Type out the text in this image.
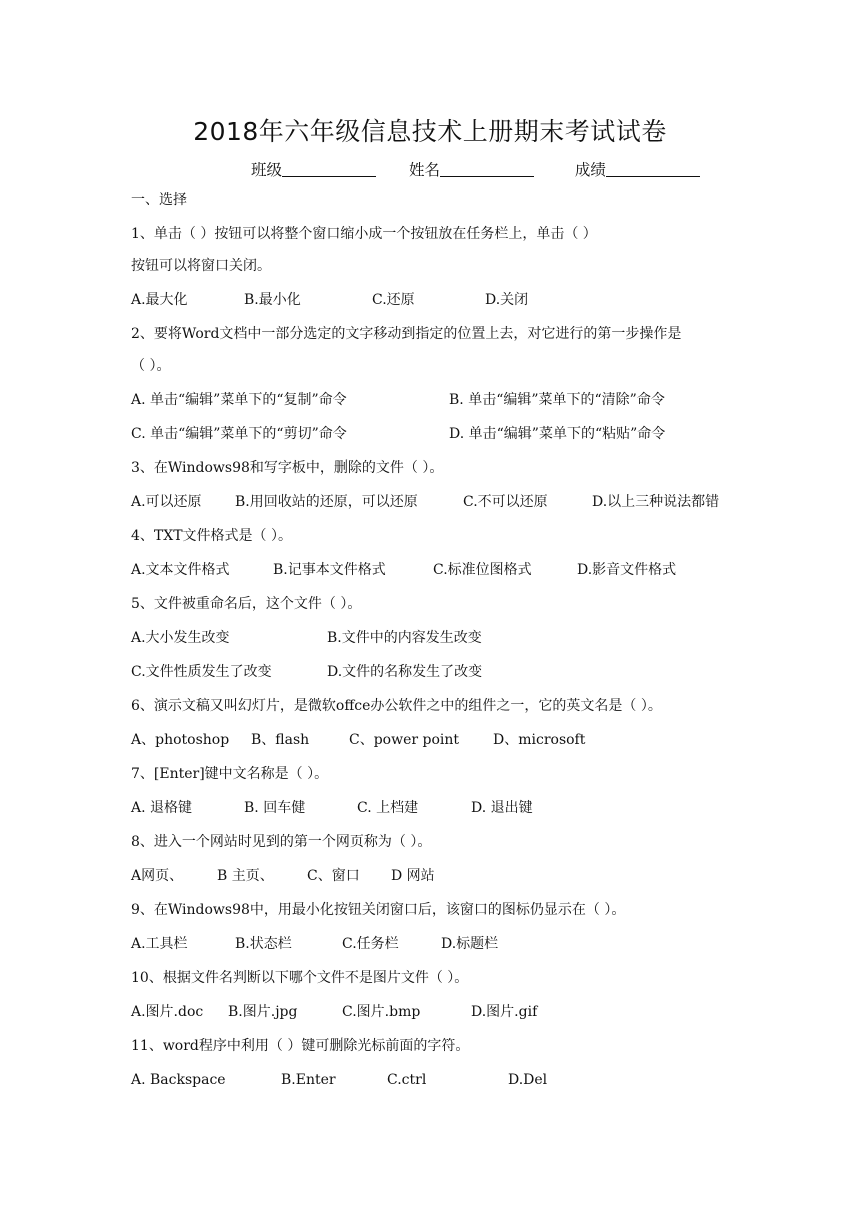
2018年六年级信息技术上册期末考试试卷
班级	姓名	成绩
一、选择
1、单击（ ）按钮可以将整个窗口缩小成一个按钮放在任务栏上，单击（ ）
按钮可以将窗口关闭。
A.最大化	B.最小化	C.还原	D.关闭
2、要将Word文档中一部分选定的文字移动到指定的位置上去，对它进行的第一步操作是
（ ）。
A. 单击“编辑”菜单下的“复制”命令	B. 单击“编辑”菜单下的“清除”命令
C. 单击“编辑”菜单下的“剪切”命令	D. 单击“编辑”菜单下的“粘贴”命令
3、在Windows98和写字板中，删除的文件（ ）。
A.可以还原 B.用回收站的还原，可以还原	C.不可以还原	D.以上三种说法都错
4、TXT文件格式是（ ）。
A.文本文件格式	B.记事本文件格式	C.标准位图格式	D.影音文件格式
5、文件被重命名后，这个文件（ ）。
A.大小发生改变	B.文件中的内容发生改变
C.文件性质发生了改变	D.文件的名称发生了改变
6、演示文稿又叫幻灯片，是微软offce办公软件之中的组件之一，它的英文名是（ ）。
A、photoshop B、flash	C、power point D、microsoft
7、[Enter]键中文名称是（ ）。
A. 退格键	B. 回车健	C. 上档建	D. 退出键
8、进入一个网站时见到的第一个网页称为（ ）。
A网页、 B 主页、 C、窗口 D 网站
9、在Windows98中，用最小化按钮关闭窗口后，该窗口的图标仍显示在（ ）。
A.工具栏	B.状态栏	C.任务栏	D.标题栏
10、根据文件名判断以下哪个文件不是图片文件（ ）。
A.图片.doc B.图片.jpg	C.图片.bmp	D.图片.gif
11、word程序中利用（ ）键可删除光标前面的字符。
A. Backspace	B.Enter	C.ctrl	D.Del
